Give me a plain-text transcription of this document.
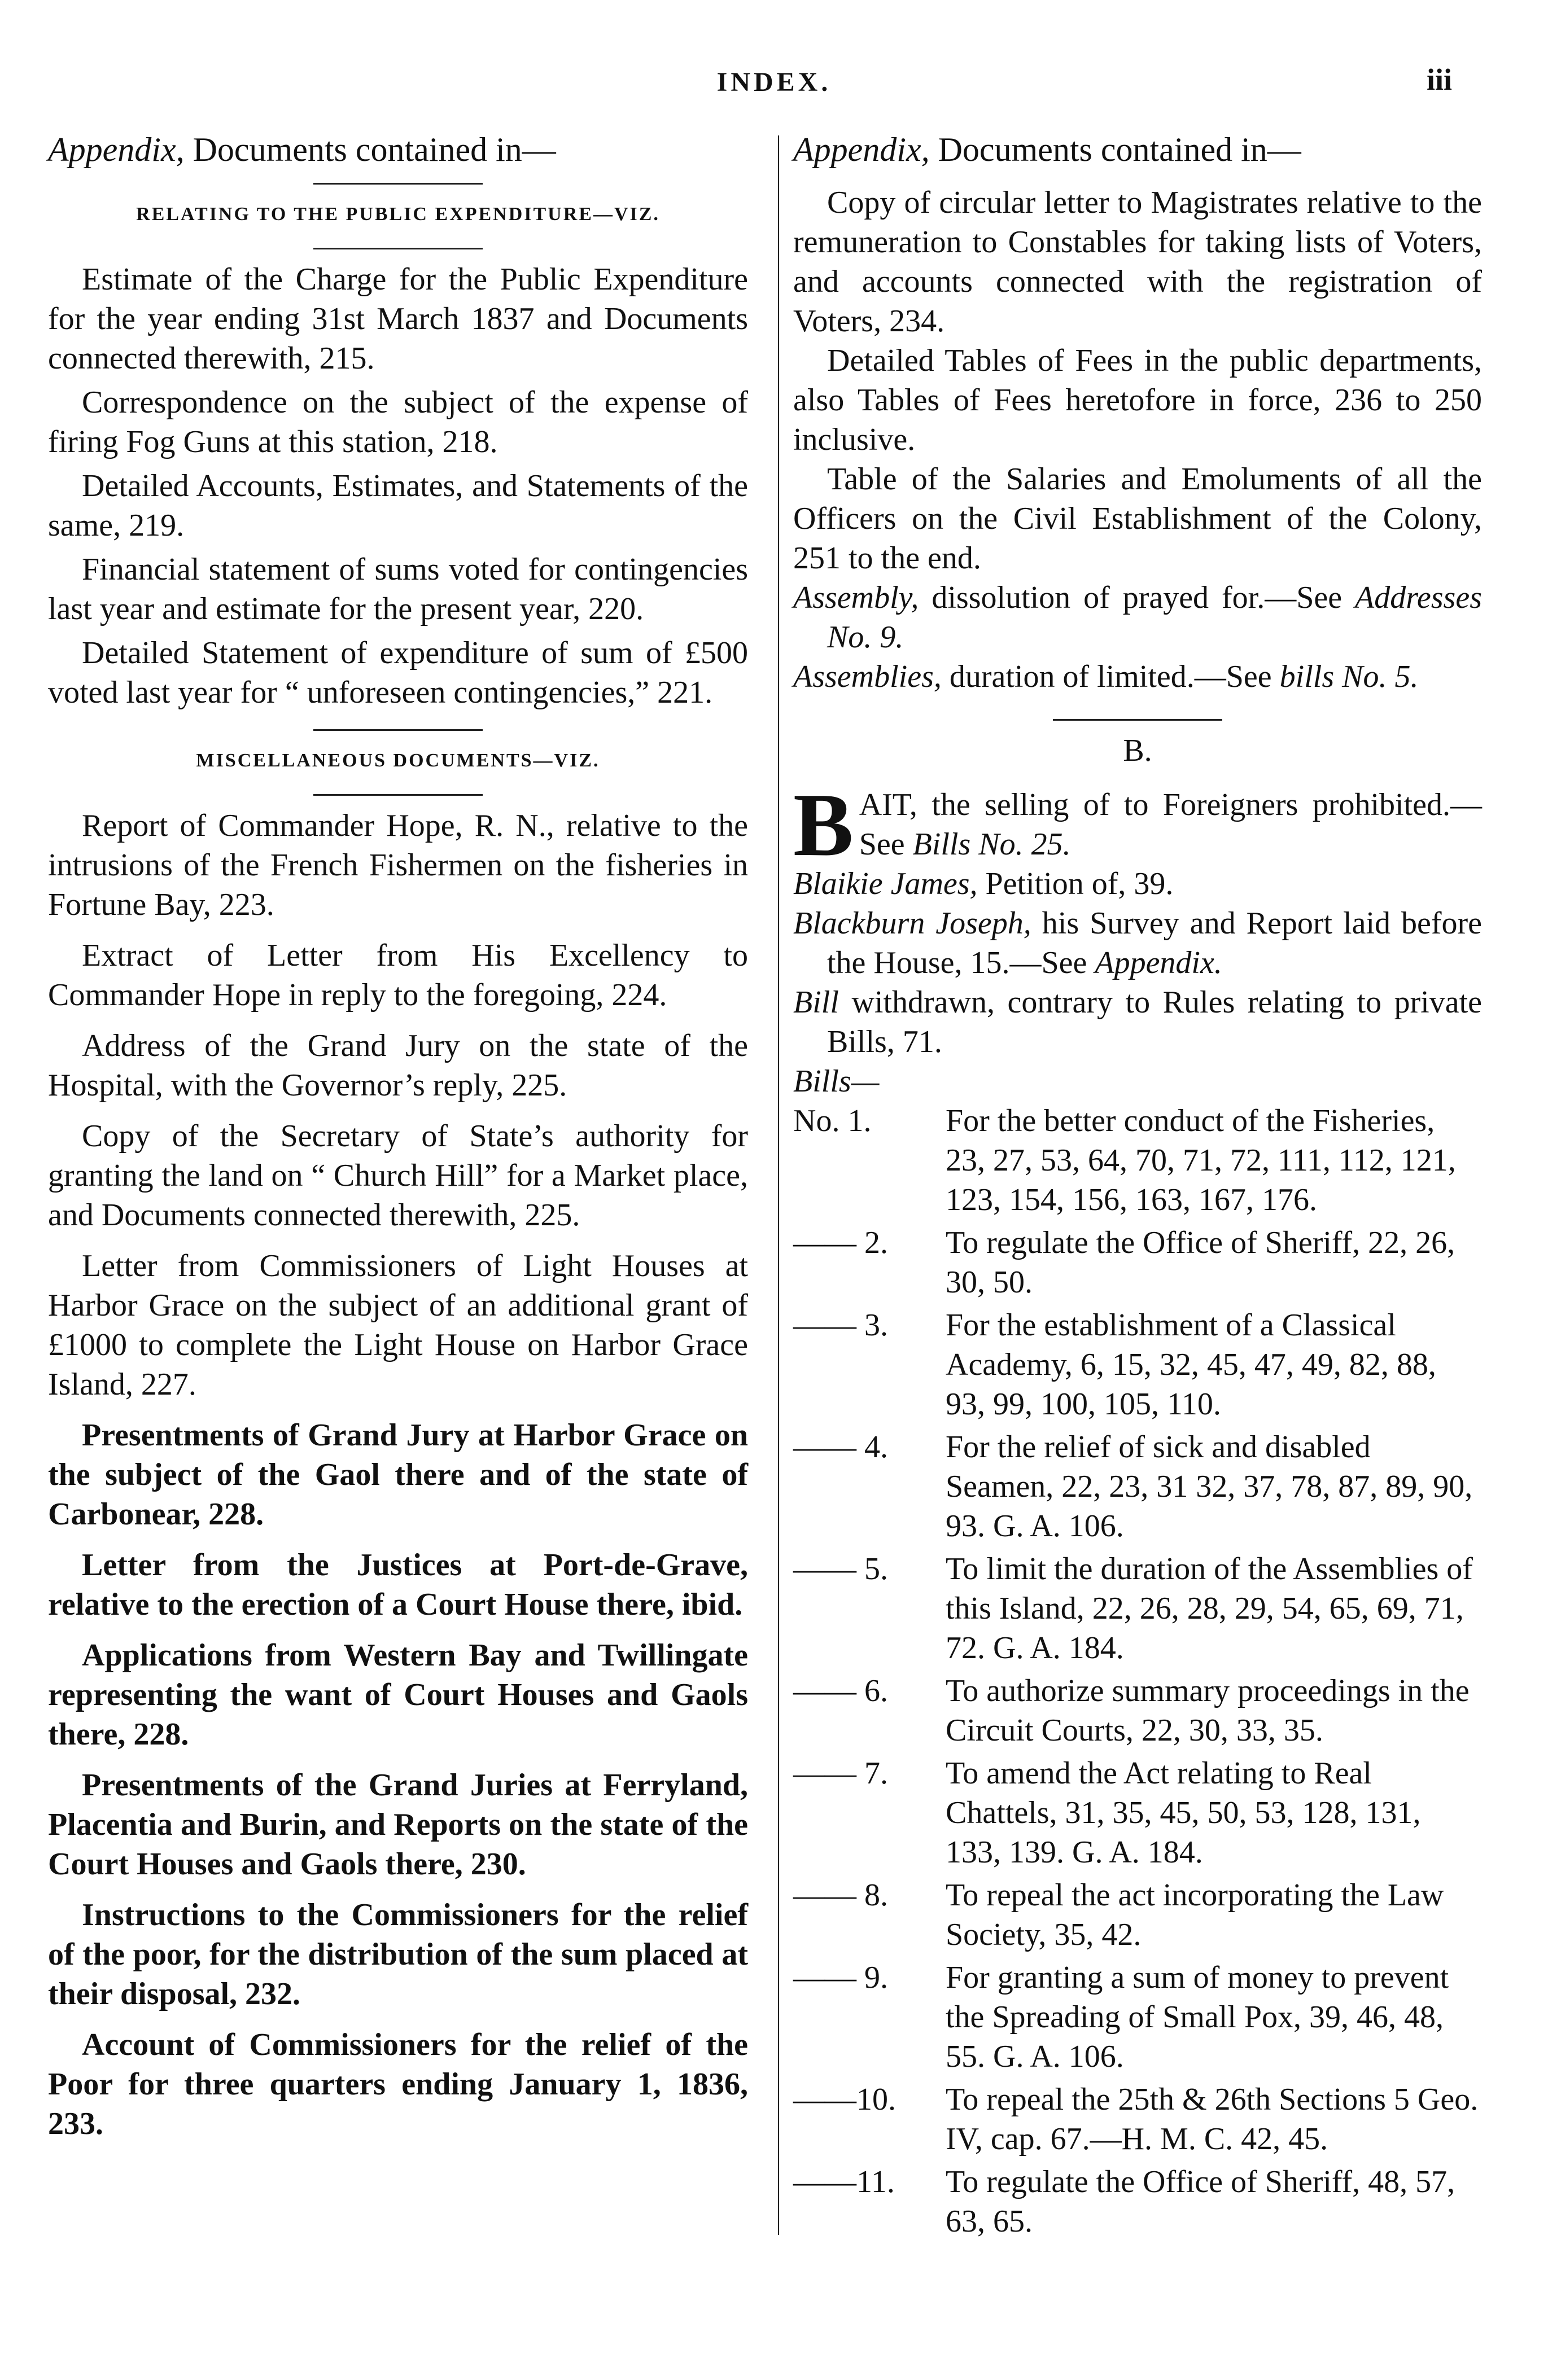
INDEX.	iii
Appendix, Documents contained in—
RELATING TO THE PUBLIC EXPENDITURE—VIZ.

Estimate of the Charge for the Public Expenditure for the year ending 31st March 1837 and Documents connected therewith, 215.

Correspondence on the subject of the expense of firing Fog Guns at this station, 218.

Detailed Accounts, Estimates, and Statements of the same, 219.

Financial statement of sums voted for contingencies last year and estimate for the present year, 220.

Detailed Statement of expenditure of sum of £500 voted last year for “ unforeseen contingencies,” 221.

MISCELLANEOUS DOCUMENTS—VIZ.

Report of Commander Hope, R. N., relative to the intrusions of the French Fishermen on the fisheries in Fortune Bay, 223.

Extract of Letter from His Excellency to Commander Hope in reply to the foregoing, 224.

Address of the Grand Jury on the state of the Hospital, with the Governor’s reply, 225.

Copy of the Secretary of State’s authority for granting the land on “ Church Hill” for a Market place, and Documents connected therewith, 225.

Letter from Commissioners of Light Houses at Harbor Grace on the subject of an additional grant of £1000 to complete the Light House on Harbor Grace Island, 227.

Presentments of Grand Jury at Harbor Grace on the subject of the Gaol there and of the state of Carbonear, 228.

Letter from the Justices at Port-de-Grave, relative to the erection of a Court House there, ibid.

Applications from Western Bay and Twillingate representing the want of Court Houses and Gaols there, 228.

Presentments of the Grand Juries at Ferryland, Placentia and Burin, and Reports on the state of the Court Houses and Gaols there, 230.

Instructions to the Commissioners for the relief of the poor, for the distribution of the sum placed at their disposal, 232.

Account of Commissioners for the relief of the Poor for three quarters ending January 1, 1836, 233.

Appendix, Documents contained in—

Copy of circular letter to Magistrates relative to the remuneration to Constables for taking lists of Voters, and accounts connected with the registration of Voters, 234.

Detailed Tables of Fees in the public departments, also Tables of Fees heretofore in force, 236 to 250 inclusive.

Table of the Salaries and Emoluments of all the Officers on the Civil Establishment of the Colony, 251 to the end.

Assembly, dissolution of prayed for.—See Addresses No. 9.

Assemblies, duration of limited.—See bills No. 5.

B.

BAIT, the selling of to Foreigners prohibited.—See Bills No. 25.

Blaikie James, Petition of, 39.

Blackburn Joseph, his Survey and Report laid before the House, 15.—See Appendix.

Bill withdrawn, contrary to Rules relating to private Bills, 71.

Bills—

No. 1.	For the better conduct of the Fisheries, 23, 27, 53, 64, 70, 71, 72, 111, 112, 121, 123, 154, 156, 163, 167, 176.
—— 2.	To regulate the Office of Sheriff, 22, 26, 30, 50.
—— 3.	For the establishment of a Classical Academy, 6, 15, 32, 45, 47, 49, 82, 88, 93, 99, 100, 105, 110.
—— 4.	For the relief of sick and disabled Seamen, 22, 23, 31 32, 37, 78, 87, 89, 90, 93. G. A. 106.
—— 5.	To limit the duration of the Assemblies of this Island, 22, 26, 28, 29, 54, 65, 69, 71, 72. G. A. 184.
—— 6.	To authorize summary proceedings in the Circuit Courts, 22, 30, 33, 35.
—— 7.	To amend the Act relating to Real Chattels, 31, 35, 45, 50, 53, 128, 131, 133, 139. G. A. 184.
—— 8.	To repeal the act incorporating the Law Society, 35, 42.
—— 9.	For granting a sum of money to prevent the Spreading of Small Pox, 39, 46, 48, 55. G. A. 106.
——10.	To repeal the 25th & 26th Sections 5 Geo. IV, cap. 67.—H. M. C. 42, 45.
——11.	To regulate the Office of Sheriff, 48, 57, 63, 65.
